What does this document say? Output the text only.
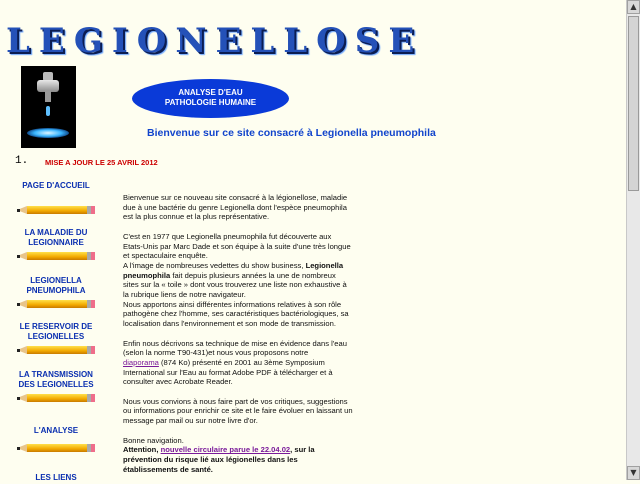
LEGIONELLOSE
ANALYSE D'EAU
PATHOLOGIE HUMAINE
Bienvenue sur ce site consacré à Legionella pneumophila
1. MISE A JOUR LE 25 AVRIL 2012
PAGE D'ACCUEIL
LA MALADIE DU
LEGIONNAIRE
LEGIONELLA
PNEUMOPHILA
LE RESERVOIR DE
LEGIONELLES
LA TRANSMISSION
DES LEGIONELLES
L'ANALYSE
LES LIENS

Bienvenue sur ce nouveau site consacré à la légionellose, maladie due à une bactérie du genre Legionella dont l'espèce pneumophila est la plus connue et la plus représentative.

C'est en 1977 que Legionella pneumophila fut découverte aux Etats-Unis par Marc Dade et son équipe à la suite d'une très longue et spectaculaire enquête.
A l'image de nombreuses vedettes du show business, Legionella pneumophila fait depuis plusieurs années la une de nombreux sites sur la « toile » dont vous trouverez une liste non exhaustive à la rubrique liens de notre navigateur.
Nous apportons ainsi différentes informations relatives à son rôle pathogène chez l'homme, ses caractéristiques bactériologiques, sa localisation dans l'environnement et son mode de transmission.

Enfin nous décrivons sa technique de mise en évidence dans l'eau (selon la norme T90-431)et nous vous proposons notre
diaporama (874 Ko) présenté en 2001 au 3ème Symposium International sur l'Eau au format Adobe PDF à télécharger et à consulter avec Acrobate Reader.

Nous vous convions à nous faire part de vos critiques, suggestions ou informations pour enrichir ce site et le faire évoluer en laissant un message par mail ou sur notre livre d'or.

Bonne navigation.
Attention, nouvelle circulaire parue le 22.04.02, sur la prévention du risque lié aux légionelles dans les établissements de santé.

▲
▼
